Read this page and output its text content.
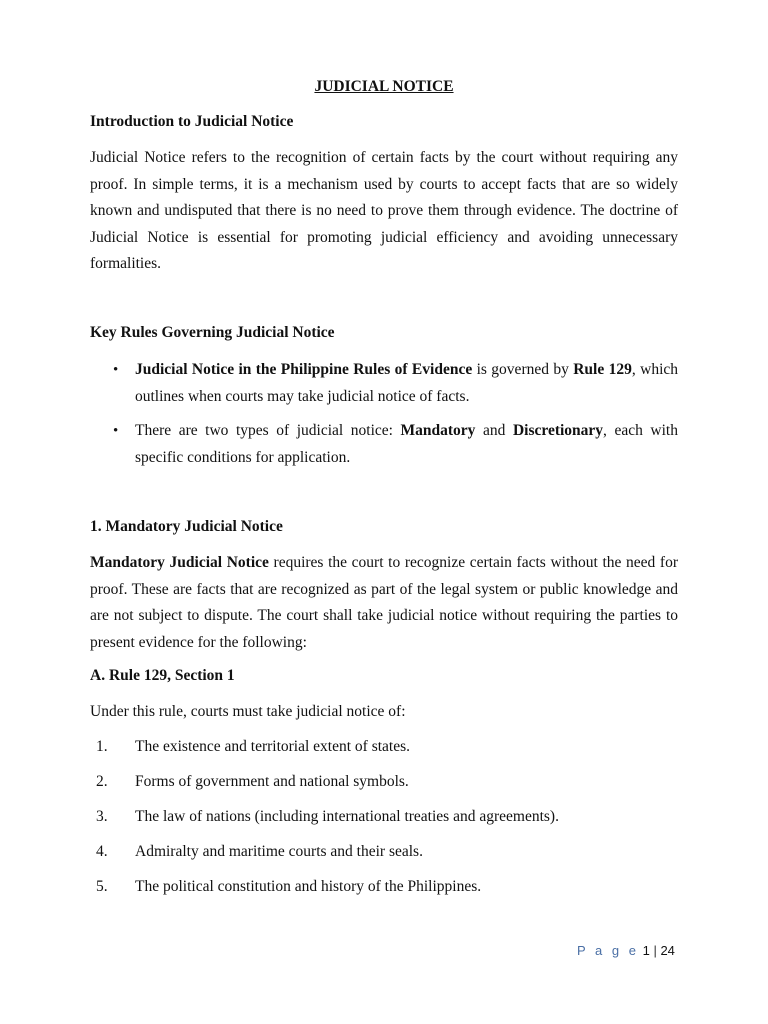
JUDICIAL NOTICE
Introduction to Judicial Notice
Judicial Notice refers to the recognition of certain facts by the court without requiring any proof. In simple terms, it is a mechanism used by courts to accept facts that are so widely known and undisputed that there is no need to prove them through evidence. The doctrine of Judicial Notice is essential for promoting judicial efficiency and avoiding unnecessary formalities.
Key Rules Governing Judicial Notice
• Judicial Notice in the Philippine Rules of Evidence is governed by Rule 129, which outlines when courts may take judicial notice of facts.
• There are two types of judicial notice: Mandatory and Discretionary, each with specific conditions for application.
1. Mandatory Judicial Notice
Mandatory Judicial Notice requires the court to recognize certain facts without the need for proof. These are facts that are recognized as part of the legal system or public knowledge and are not subject to dispute. The court shall take judicial notice without requiring the parties to present evidence for the following:
A. Rule 129, Section 1
Under this rule, courts must take judicial notice of:
1. The existence and territorial extent of states.
2. Forms of government and national symbols.
3. The law of nations (including international treaties and agreements).
4. Admiralty and maritime courts and their seals.
5. The political constitution and history of the Philippines.
P a g e 1 | 24
